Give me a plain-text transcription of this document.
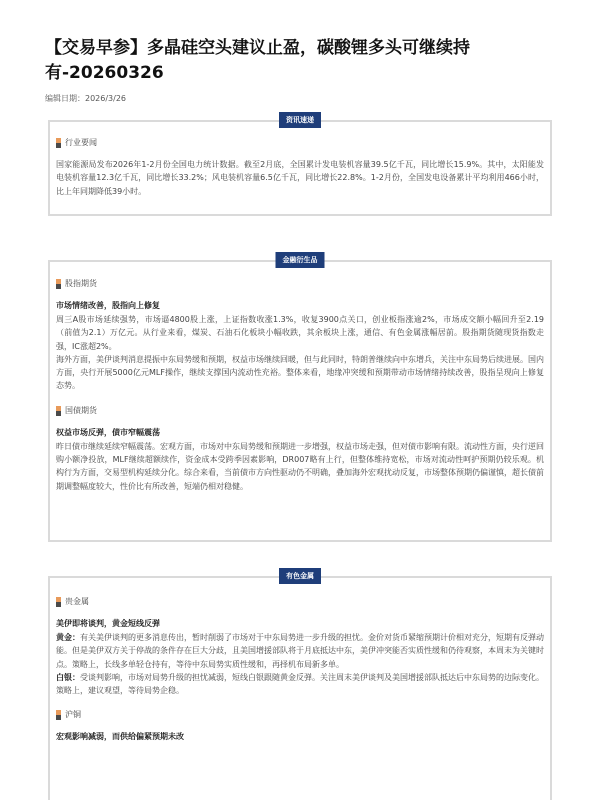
【交易早参】多晶硅空头建议止盈，碳酸锂多头可继续持有-20260326
编辑日期：2026/3/26
资讯速递
行业要闻

国家能源局发布2026年1-2月份全国电力统计数据。截至2月底，全国累计发电装机容量39.5亿千瓦，同比增长15.9%。其中，太阳能发电装机容量12.3亿千瓦，同比增长33.2%；风电装机容量6.5亿千瓦，同比增长22.8%。1-2月份，全国发电设备累计平均利用466小时，比上年同期降低39小时。

金融衍生品
股指期货
市场情绪改善，股指向上修复

周三A股市场延续强势，市场逼4800股上涨，上证指数收涨1.3%，收复3900点关口，创业板指涨逾2%，市场成交额小幅回升至2.19（前值为2.1）万亿元。从行业来看，煤炭、石油石化板块小幅收跌，其余板块上涨，通信、有色金属涨幅居前。股指期货随现货指数走强，IC涨超2%。

海外方面，美伊谈判消息提振中东局势缓和预期，权益市场继续回暖，但与此同时，特朗普继续向中东增兵，关注中东局势后续进展。国内方面，央行开展5000亿元MLF操作，继续支撑国内流动性充裕。整体来看，地缘冲突缓和预期带动市场情绪持续改善，股指呈现向上修复态势。

国债期货
权益市场反弹，债市窄幅震荡

昨日债市继续延续窄幅震荡。宏观方面，市场对中东局势缓和预期进一步增强，权益市场走强，但对债市影响有限。流动性方面，央行逆回购小额净投放，MLF继续超额续作，资金成本受跨季因素影响，DR007略有上行，但整体维持宽松，市场对流动性呵护预期仍较乐观。机构行为方面，交易型机构延续分化。综合来看，当前债市方向性驱动仍不明确，叠加海外宏观扰动反复，市场整体预期仍偏谨慎，超长债前期调整幅度较大，性价比有所改善，短端仍相对稳健。

有色金属
贵金属
美伊即将谈判，黄金短线反弹

黄金：有关美伊谈判的更多消息传出，暂时削弱了市场对于中东局势进一步升级的担忧。金价对货币紧缩预期计价相对充分，短期有反弹动能。但是美伊双方关于停战的条件存在巨大分歧，且美国增援部队将于月底抵达中东，美伊冲突能否实质性缓和仍待观察，本周末为关键时点。策略上，长线多单轻仓持有，等待中东局势实质性缓和，再择机布局新多单。

白银：受谈判影响，市场对局势升级的担忧减弱，短线白银跟随黄金反弹。关注周末美伊谈判及美国增援部队抵达后中东局势的边际变化。策略上，建议观望，等待局势企稳。

沪铜
宏观影响减弱，而供给偏紧预期未改
